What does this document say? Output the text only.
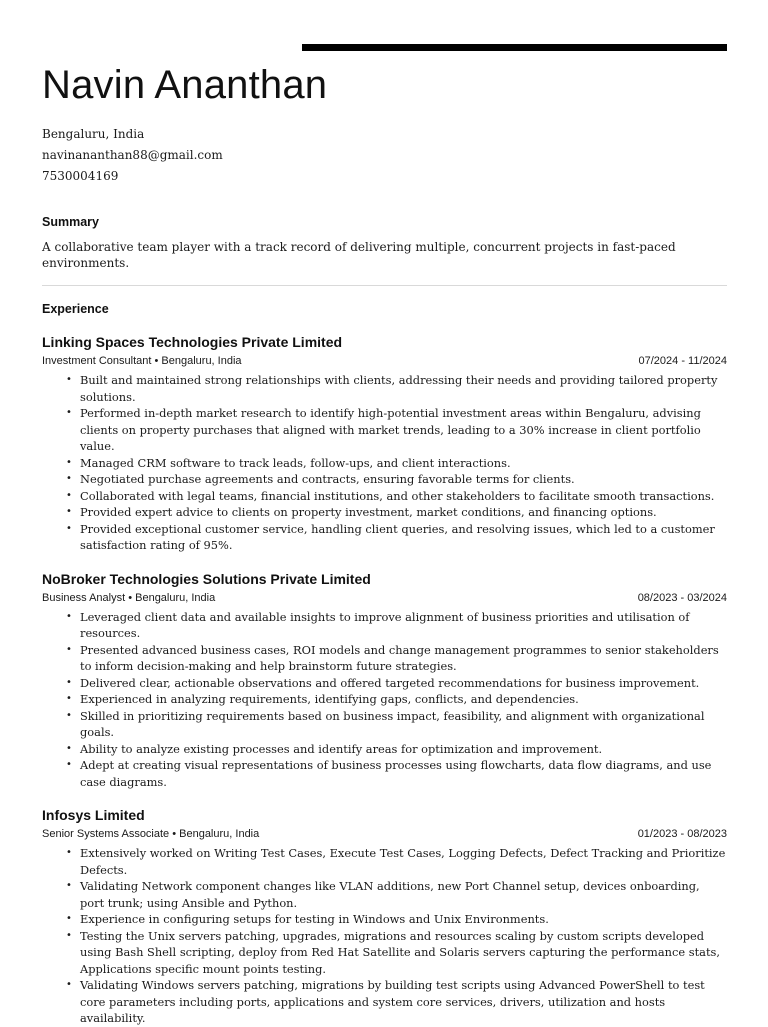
Navin Ananthan
Bengaluru, India
navinananthan88@gmail.com
7530004169
Summary
A collaborative team player with a track record of delivering multiple, concurrent projects in fast-paced environments.
Experience
Linking Spaces Technologies Private Limited
Investment Consultant • Bengaluru, India	07/2024 - 11/2024
• Built and maintained strong relationships with clients, addressing their needs and providing tailored property solutions.
• Performed in-depth market research to identify high-potential investment areas within Bengaluru, advising clients on property purchases that aligned with market trends, leading to a 30% increase in client portfolio value.
• Managed CRM software to track leads, follow-ups, and client interactions.
• Negotiated purchase agreements and contracts, ensuring favorable terms for clients.
• Collaborated with legal teams, financial institutions, and other stakeholders to facilitate smooth transactions.
• Provided expert advice to clients on property investment, market conditions, and financing options.
• Provided exceptional customer service, handling client queries, and resolving issues, which led to a customer satisfaction rating of 95%.
NoBroker Technologies Solutions Private Limited
Business Analyst • Bengaluru, India	08/2023 - 03/2024
• Leveraged client data and available insights to improve alignment of business priorities and utilisation of resources.
• Presented advanced business cases, ROI models and change management programmes to senior stakeholders to inform decision-making and help brainstorm future strategies.
• Delivered clear, actionable observations and offered targeted recommendations for business improvement.
• Experienced in analyzing requirements, identifying gaps, conflicts, and dependencies.
• Skilled in prioritizing requirements based on business impact, feasibility, and alignment with organizational goals.
• Ability to analyze existing processes and identify areas for optimization and improvement.
• Adept at creating visual representations of business processes using flowcharts, data flow diagrams, and use case diagrams.
Infosys Limited
Senior Systems Associate • Bengaluru, India	01/2023 - 08/2023
• Extensively worked on Writing Test Cases, Execute Test Cases, Logging Defects, Defect Tracking and Prioritize Defects.
• Validating Network component changes like VLAN additions, new Port Channel setup, devices onboarding, port trunk; using Ansible and Python.
• Experience in configuring setups for testing in Windows and Unix Environments.
• Testing the Unix servers patching, upgrades, migrations and resources scaling by custom scripts developed using Bash Shell scripting, deploy from Red Hat Satellite and Solaris servers capturing the performance stats, Applications specific mount points testing.
• Validating Windows servers patching, migrations by building test scripts using Advanced PowerShell to test core parameters including ports, applications and system core services, drivers, utilization and hosts availability.
